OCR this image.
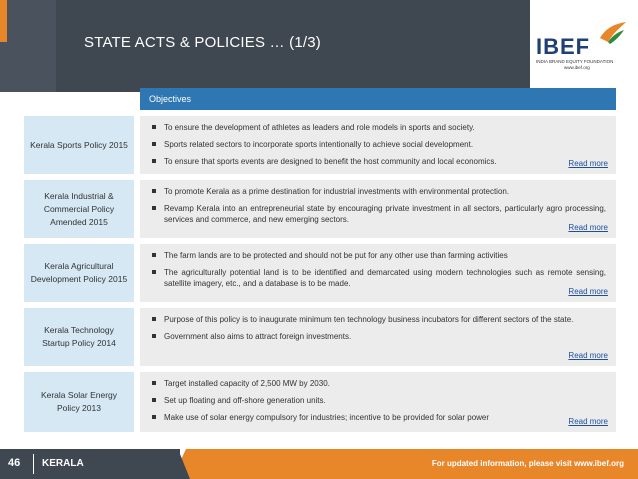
STATE ACTS & POLICIES … (1/3)	IBEF
INDIA BRAND EQUITY FOUNDATION
www.ibef.org
Objectives
Kerala Sports Policy 2015
To ensure the development of athletes as leaders and role models in sports and society.
Sports related sectors to incorporate sports intentionally to achieve social development.
To ensure that sports events are designed to benefit the host community and local economics.	Read more
Kerala Industrial & Commercial Policy Amended 2015
To promote Kerala as a prime destination for industrial investments with environmental protection.
Revamp Kerala into an entrepreneurial state by encouraging private investment in all sectors, particularly agro processing, services and commerce, and new emerging sectors.
Read more
Kerala Agricultural Development Policy 2015
The farm lands are to be protected and should not be put for any other use than farming activities
The agriculturally potential land is to be identified and demarcated using modern technologies such as remote sensing, satellite imagery, etc., and a database is to be made.
Read more
Kerala Technology Startup Policy 2014
Purpose of this policy is to inaugurate minimum ten technology business incubators for different sectors of the state.
Government also aims to attract foreign investments.
Read more
Kerala Solar Energy Policy 2013
Target installed capacity of 2,500 MW by 2030.
Set up floating and off-shore generation units.
Make use of solar energy compulsory for industries; incentive to be provided for solar power	Read more
46 KERALA	For updated information, please visit www.ibef.org
